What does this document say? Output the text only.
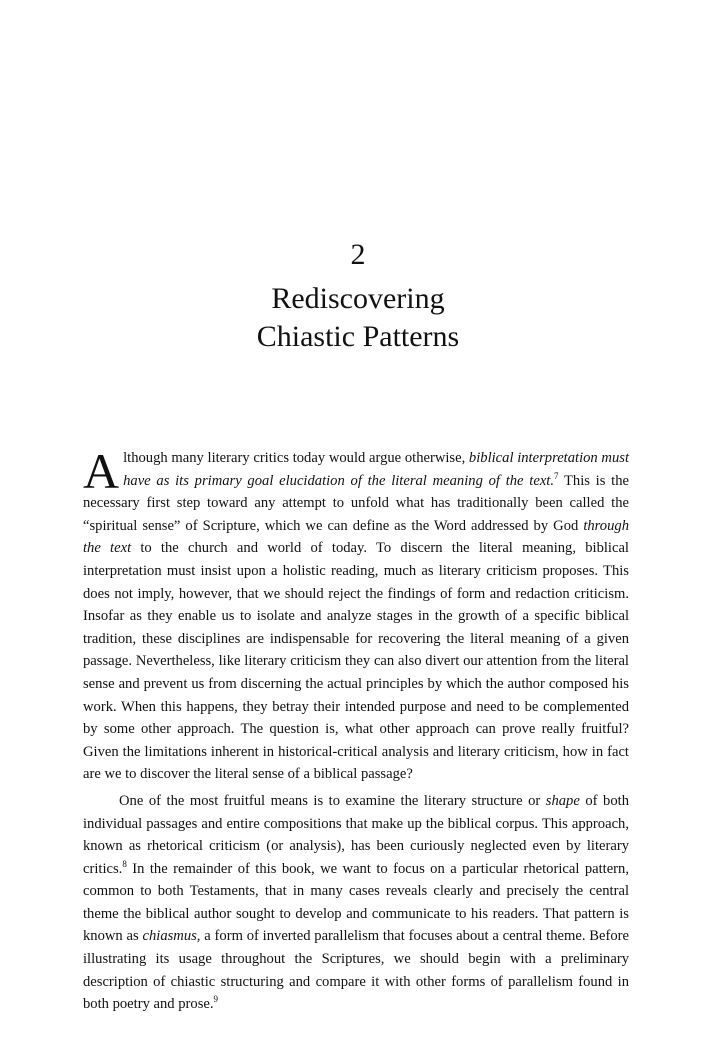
2
Rediscovering
Chiastic Patterns

Although many literary critics today would argue otherwise, biblical interpretation must have as its primary goal elucidation of the literal meaning of the text.$^7$ This is the necessary first step toward any attempt to unfold what has traditionally been called the “spiritual sense” of Scripture, which we can define as the Word addressed by God through the text to the church and world of today. To discern the literal meaning, biblical interpretation must insist upon a holistic reading, much as literary criticism proposes. This does not imply, however, that we should reject the findings of form and redaction criticism. Insofar as they enable us to isolate and analyze stages in the growth of a specific biblical tradition, these disciplines are indispensable for recovering the literal meaning of a given passage. Nevertheless, like literary criticism they can also divert our attention from the literal sense and prevent us from discerning the actual principles by which the author composed his work. When this happens, they betray their intended purpose and need to be complemented by some other approach. The question is, what other approach can prove really fruitful? Given the limitations inherent in historical-critical analysis and literary criticism, how in fact are we to discover the literal sense of a biblical passage?

One of the most fruitful means is to examine the literary structure or shape of both individual passages and entire compositions that make up the biblical corpus. This approach, known as rhetorical criticism (or analysis), has been curiously neglected even by literary critics.$^8$ In the remainder of this book, we want to focus on a particular rhetorical pattern, common to both Testaments, that in many cases reveals clearly and precisely the central theme the biblical author sought to develop and communicate to his readers. That pattern is known as chiasmus, a form of inverted parallelism that focuses about a central theme. Before illustrating its usage throughout the Scriptures, we should begin with a preliminary description of chiastic structuring and compare it with other forms of parallelism found in both poetry and prose.$^9$
